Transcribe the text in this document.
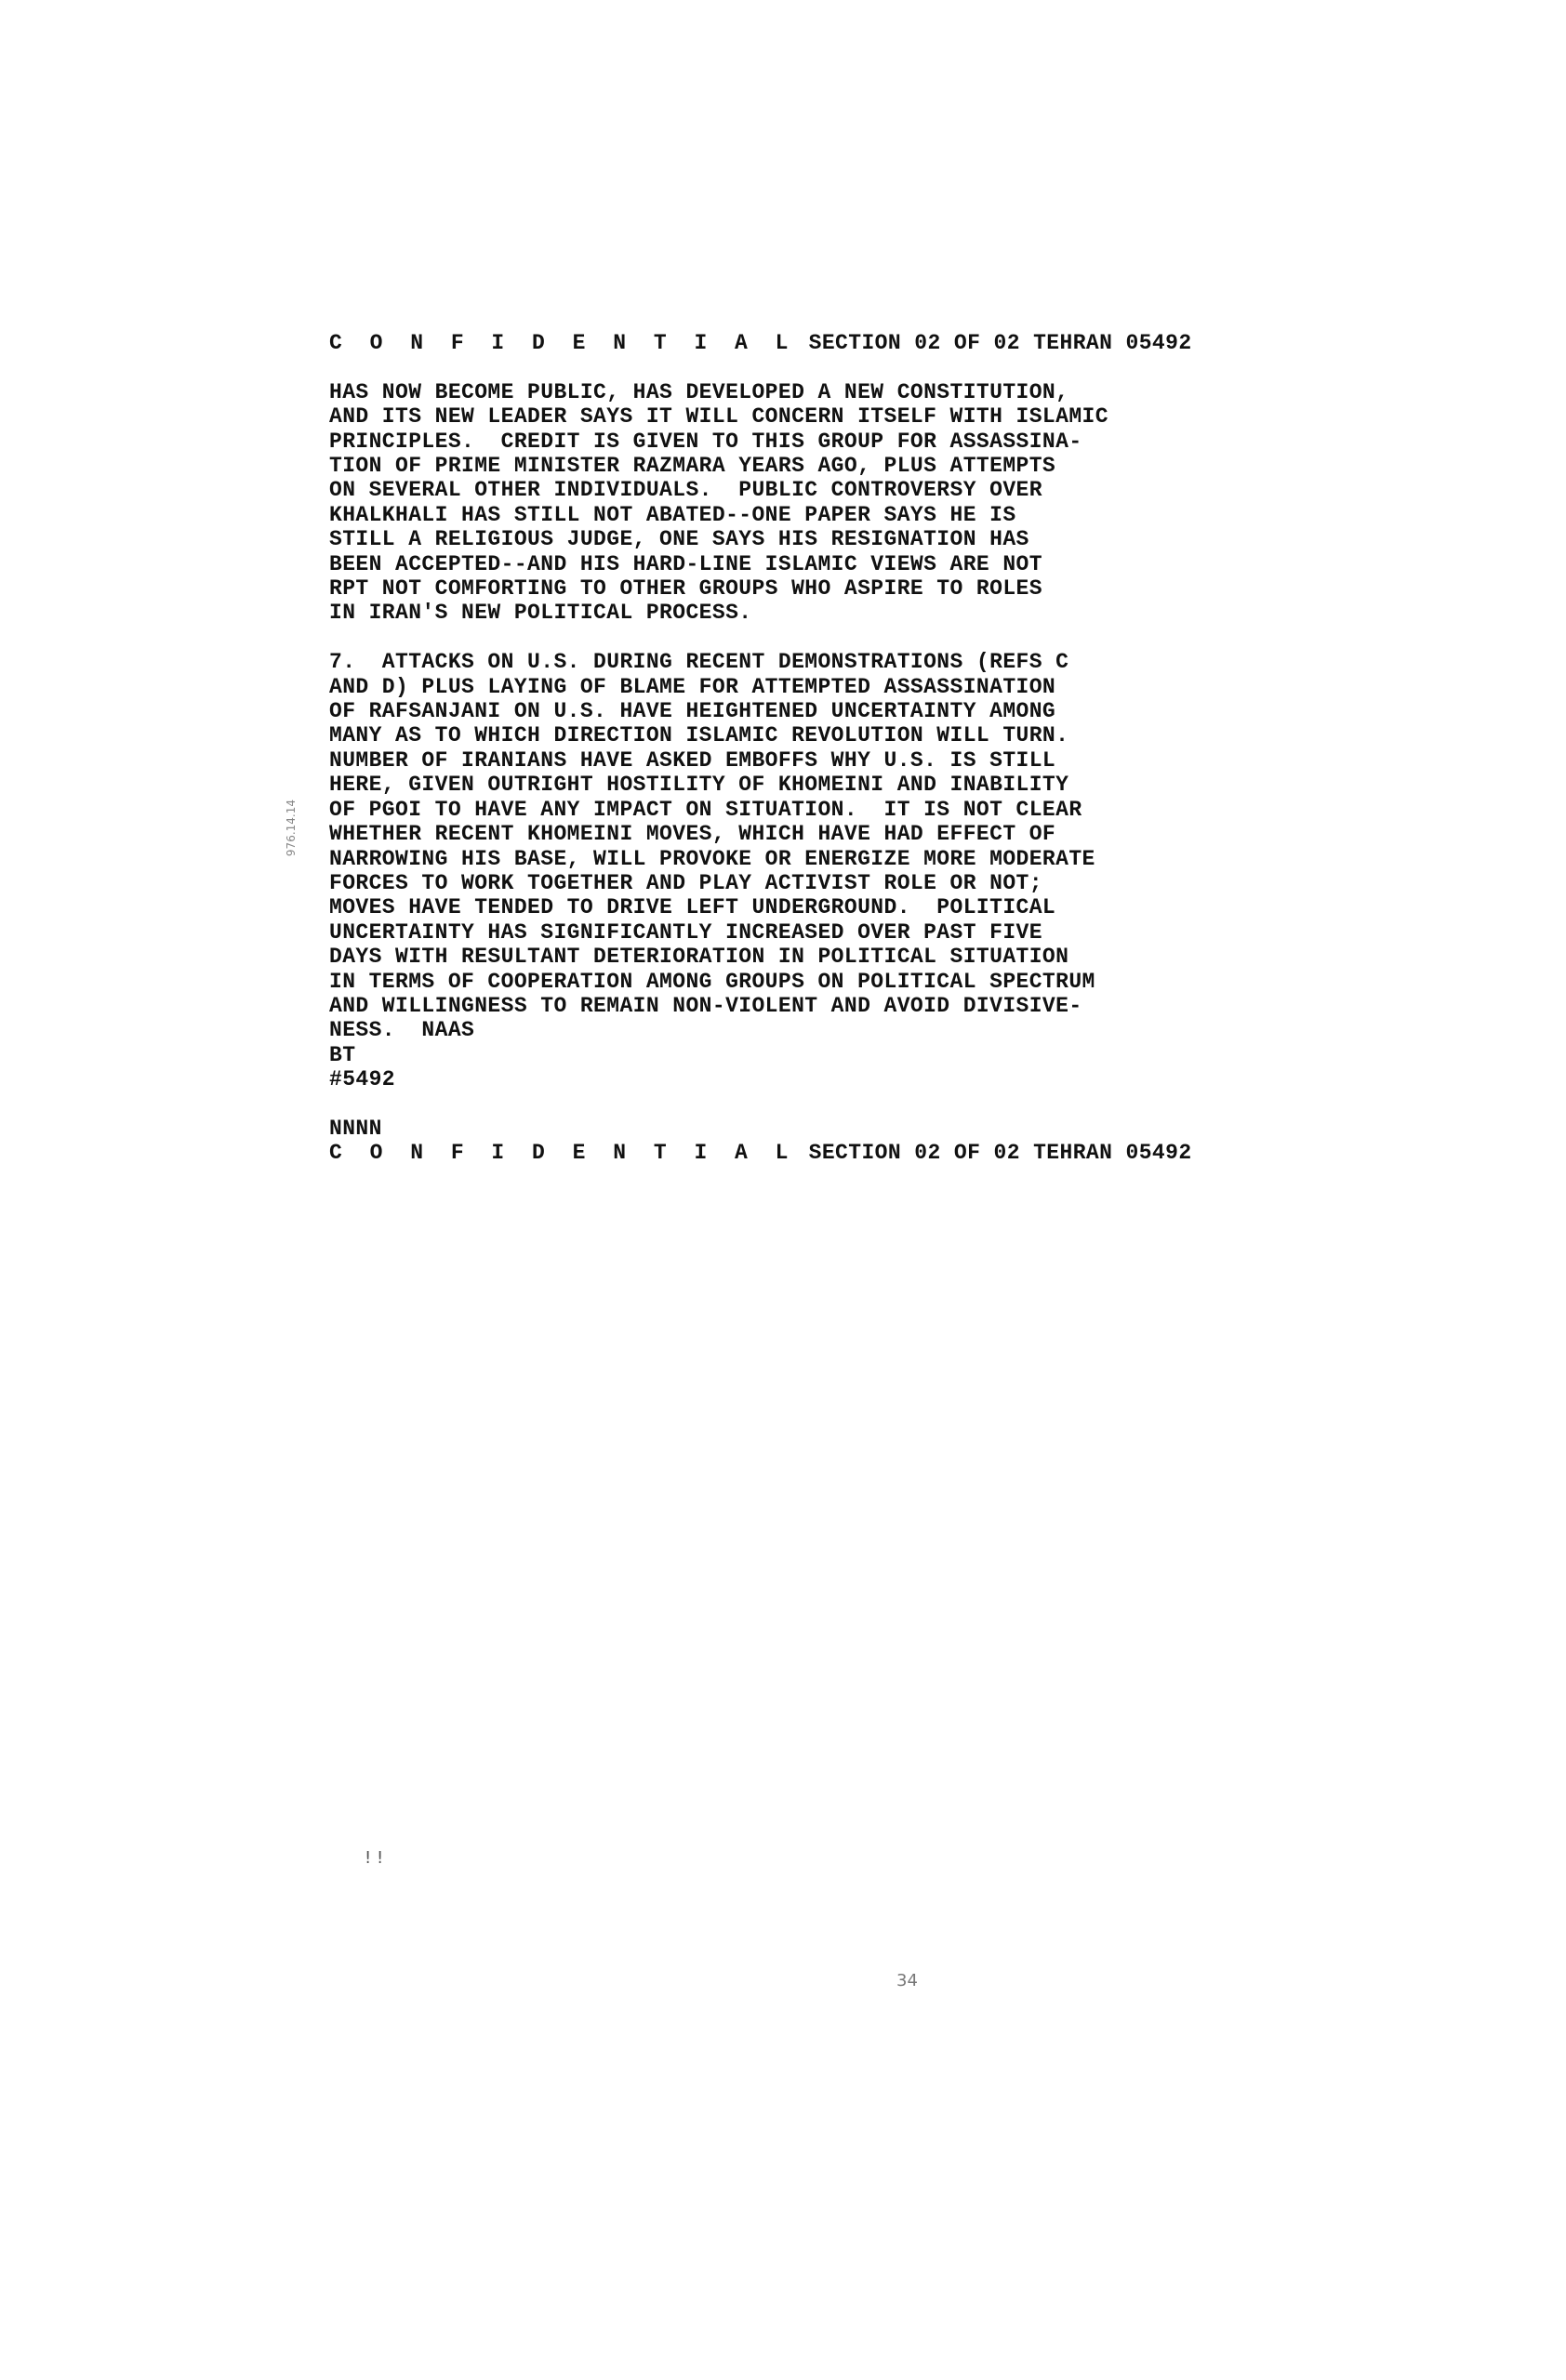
976.14.14
C O N F I D E N T I A L SECTION 02 OF 02 TEHRAN 05492
HAS NOW BECOME PUBLIC, HAS DEVELOPED A NEW CONSTITUTION,
AND ITS NEW LEADER SAYS IT WILL CONCERN ITSELF WITH ISLAMIC
PRINCIPLES.  CREDIT IS GIVEN TO THIS GROUP FOR ASSASSINA-
TION OF PRIME MINISTER RAZMARA YEARS AGO, PLUS ATTEMPTS
ON SEVERAL OTHER INDIVIDUALS.  PUBLIC CONTROVERSY OVER
KHALKHALI HAS STILL NOT ABATED--ONE PAPER SAYS HE IS
STILL A RELIGIOUS JUDGE, ONE SAYS HIS RESIGNATION HAS
BEEN ACCEPTED--AND HIS HARD-LINE ISLAMIC VIEWS ARE NOT
RPT NOT COMFORTING TO OTHER GROUPS WHO ASPIRE TO ROLES
IN IRAN'S NEW POLITICAL PROCESS.
7.  ATTACKS ON U.S. DURING RECENT DEMONSTRATIONS (REFS C
AND D) PLUS LAYING OF BLAME FOR ATTEMPTED ASSASSINATION
OF RAFSANJANI ON U.S. HAVE HEIGHTENED UNCERTAINTY AMONG
MANY AS TO WHICH DIRECTION ISLAMIC REVOLUTION WILL TURN.
NUMBER OF IRANIANS HAVE ASKED EMBOFFS WHY U.S. IS STILL
HERE, GIVEN OUTRIGHT HOSTILITY OF KHOMEINI AND INABILITY
OF PGOI TO HAVE ANY IMPACT ON SITUATION.  IT IS NOT CLEAR
WHETHER RECENT KHOMEINI MOVES, WHICH HAVE HAD EFFECT OF
NARROWING HIS BASE, WILL PROVOKE OR ENERGIZE MORE MODERATE
FORCES TO WORK TOGETHER AND PLAY ACTIVIST ROLE OR NOT;
MOVES HAVE TENDED TO DRIVE LEFT UNDERGROUND.  POLITICAL
UNCERTAINTY HAS SIGNIFICANTLY INCREASED OVER PAST FIVE
DAYS WITH RESULTANT DETERIORATION IN POLITICAL SITUATION
IN TERMS OF COOPERATION AMONG GROUPS ON POLITICAL SPECTRUM
AND WILLINGNESS TO REMAIN NON-VIOLENT AND AVOID DIVISIVE-
NESS.  NAAS
BT
#5492
NNNN
C O N F I D E N T I A L SECTION 02 OF 02 TEHRAN 05492
! !
34
